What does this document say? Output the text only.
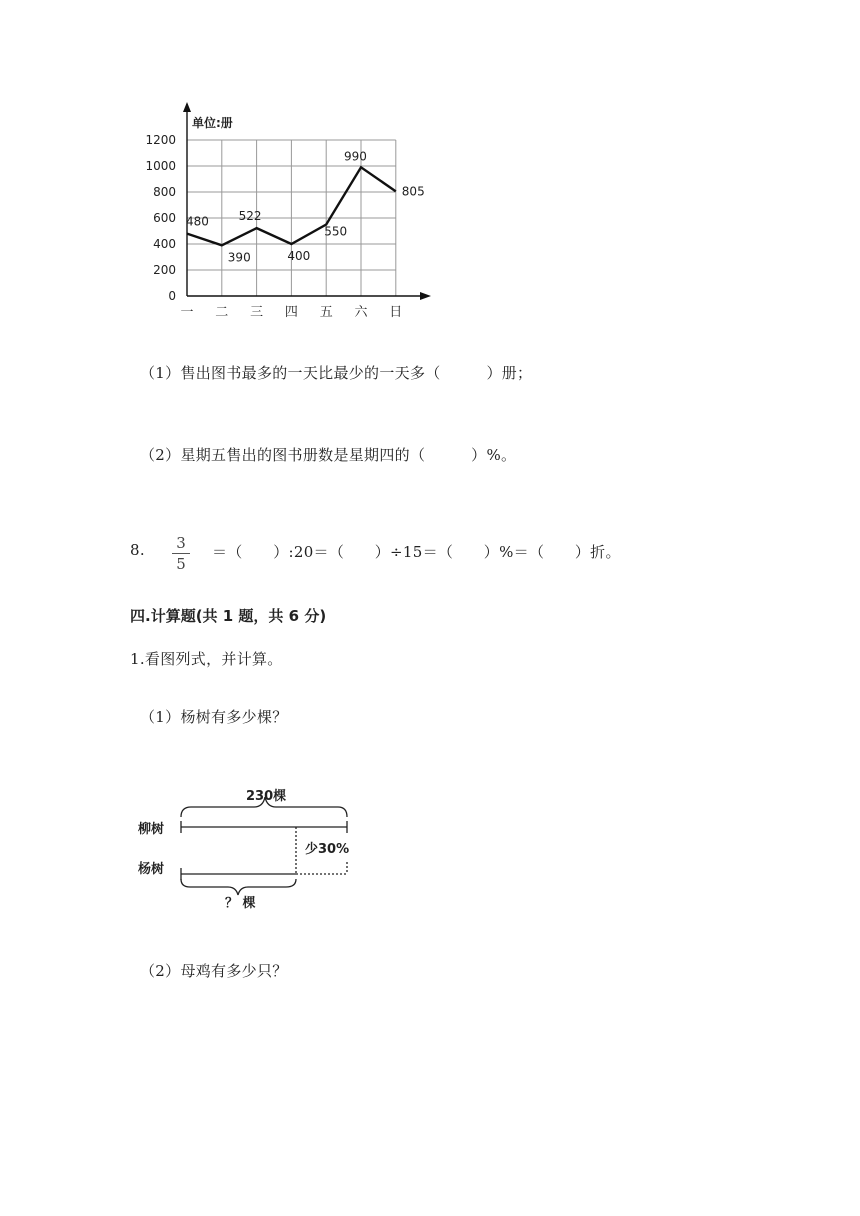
单位:册
0
200
400
600
800
1000
1200
一 二 三 四 五 六 日
480
390
522
400
550
990
805
（1）售出图书最多的一天比最少的一天多（　　　）册；
（2）星期五售出的图书册数是星期四的（　　　）%。
8. 3
5
＝（　　）:20＝（　　）÷15＝（　　）%＝（　　）折。
四.计算题(共 1 题，共 6 分)
1.看图列式，并计算。
（1）杨树有多少棵？
230棵
柳树
少30%
杨树
？ 棵
（2）母鸡有多少只？
